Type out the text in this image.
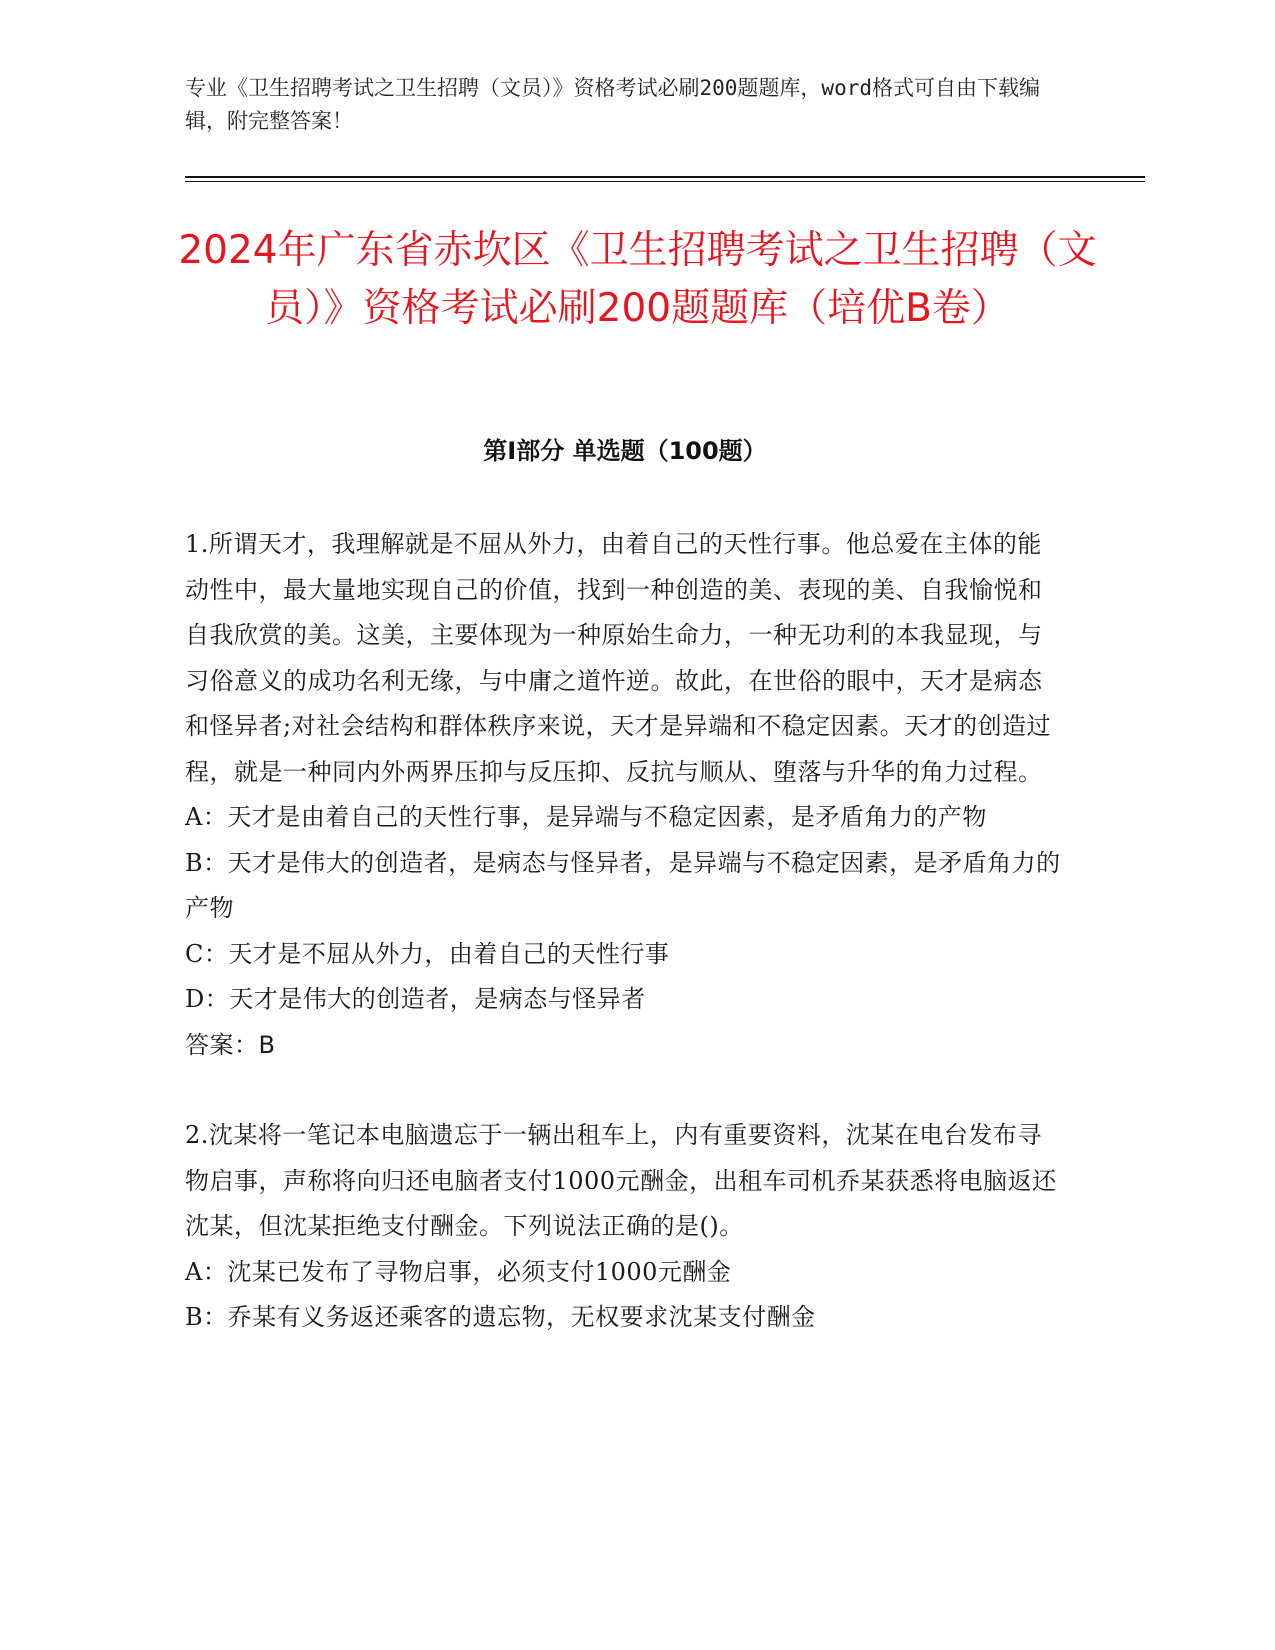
专业《卫生招聘考试之卫生招聘（文员）》资格考试必刷200题题库，word格式可自由下载编辑，附完整答案！
2024年广东省赤坎区《卫生招聘考试之卫生招聘（文员）》资格考试必刷200题题库（培优B卷）
第I部分 单选题（100题）

1.所谓天才，我理解就是不屈从外力，由着自己的天性行事。他总爱在主体的能动性中，最大量地实现自己的价值，找到一种创造的美、表现的美、自我愉悦和自我欣赏的美。这美，主要体现为一种原始生命力，一种无功利的本我显现，与习俗意义的成功名利无缘，与中庸之道忤逆。故此，在世俗的眼中，天才是病态和怪异者;对社会结构和群体秩序来说，天才是异端和不稳定因素。天才的创造过程，就是一种同内外两界压抑与反压抑、反抗与顺从、堕落与升华的角力过程。

A：天才是由着自己的天性行事，是异端与不稳定因素，是矛盾角力的产物

B：天才是伟大的创造者，是病态与怪异者，是异端与不稳定因素，是矛盾角力的产物

C：天才是不屈从外力，由着自己的天性行事

D：天才是伟大的创造者，是病态与怪异者

答案：B

2.沈某将一笔记本电脑遗忘于一辆出租车上，内有重要资料，沈某在电台发布寻物启事，声称将向归还电脑者支付1000元酬金，出租车司机乔某获悉将电脑返还沈某，但沈某拒绝支付酬金。下列说法正确的是()。

A：沈某已发布了寻物启事，必须支付1000元酬金

B：乔某有义务返还乘客的遗忘物，无权要求沈某支付酬金
